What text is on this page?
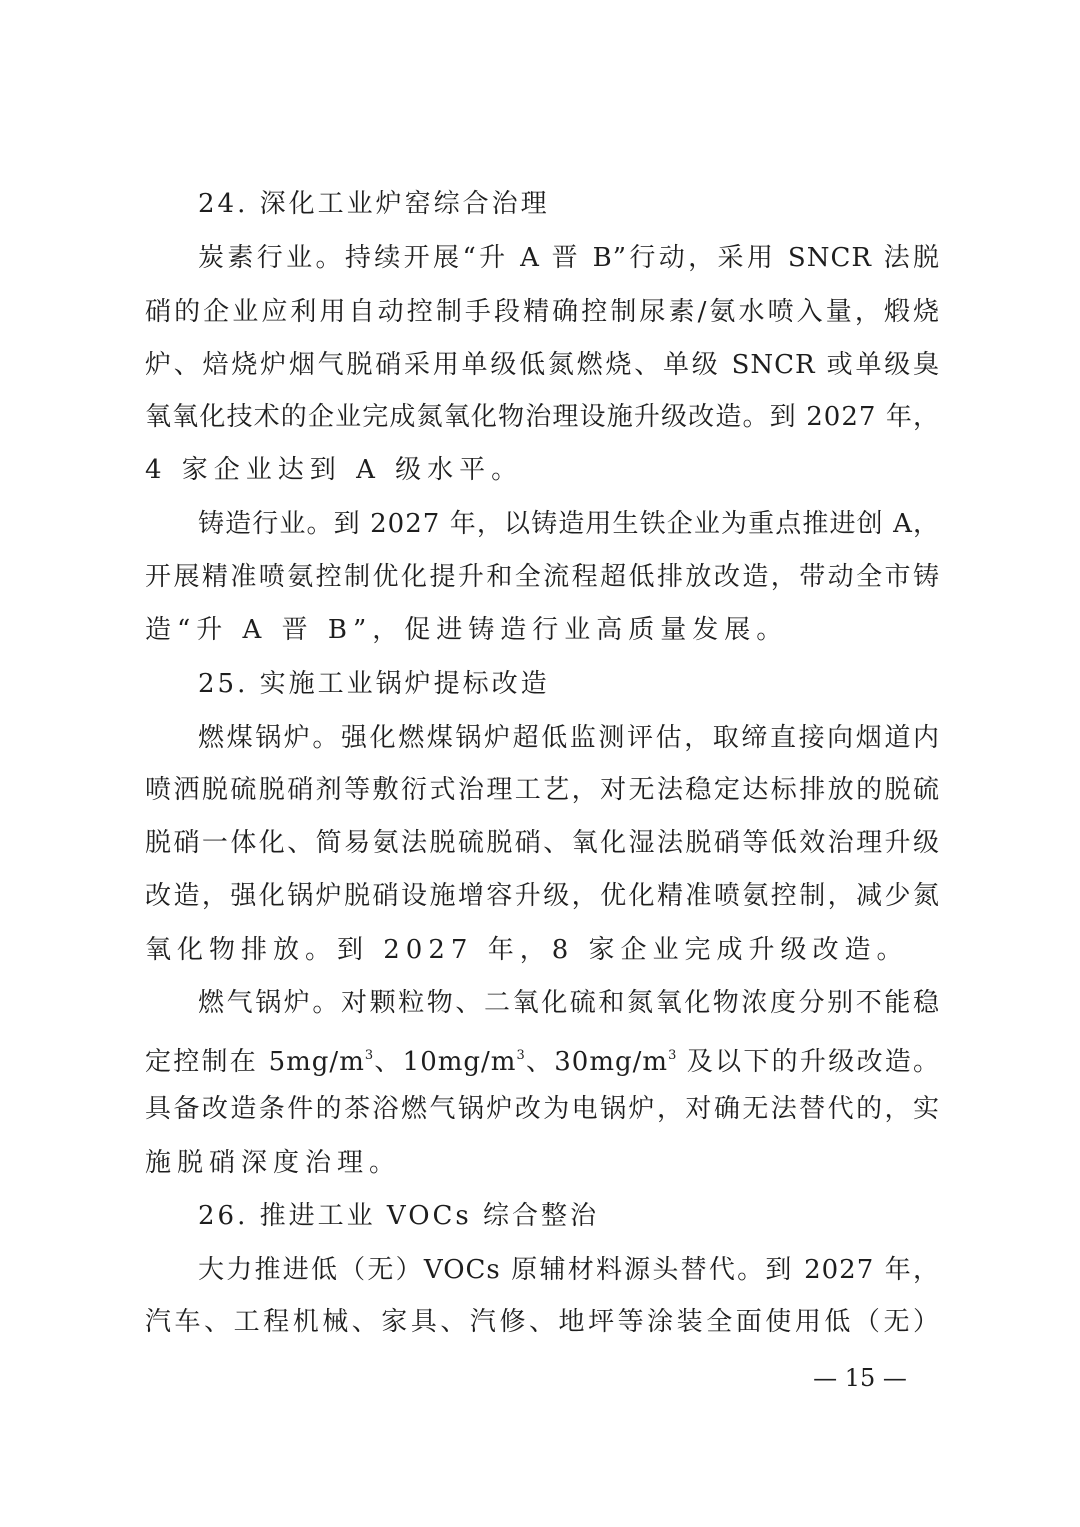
24. 深化工业炉窑综合治理
炭素行业。持续开展“升 A 晋 B”行动，采用 SNCR 法脱
硝的企业应利用自动控制手段精确控制尿素/氨水喷入量，煅烧
炉、焙烧炉烟气脱硝采用单级低氮燃烧、单级 SNCR 或单级臭
氧氧化技术的企业完成氮氧化物治理设施升级改造。到 2027 年，
4 家企业达到 A 级水平。
铸造行业。到 2027 年，以铸造用生铁企业为重点推进创 A，
开展精准喷氨控制优化提升和全流程超低排放改造，带动全市铸
造“升 A 晋 B”，促进铸造行业高质量发展。
25. 实施工业锅炉提标改造
燃煤锅炉。强化燃煤锅炉超低监测评估，取缔直接向烟道内
喷洒脱硫脱硝剂等敷衍式治理工艺，对无法稳定达标排放的脱硫
脱硝一体化、简易氨法脱硫脱硝、氧化湿法脱硝等低效治理升级
改造，强化锅炉脱硝设施增容升级，优化精准喷氨控制，减少氮
氧化物排放。到 2027 年，8 家企业完成升级改造。
燃气锅炉。对颗粒物、二氧化硫和氮氧化物浓度分别不能稳
定控制在 $5mg/m^3$、$10mg/m^3$、$30mg/m^3$ 及以下的升级改造。
具备改造条件的茶浴燃气锅炉改为电锅炉，对确无法替代的，实
施脱硝深度治理。
26. 推进工业 VOCs 综合整治
大力推进低（无）VOCs 原辅材料源头替代。到 2027 年，
汽车、工程机械、家具、汽修、地坪等涂装全面使用低（无）
— 15 —
